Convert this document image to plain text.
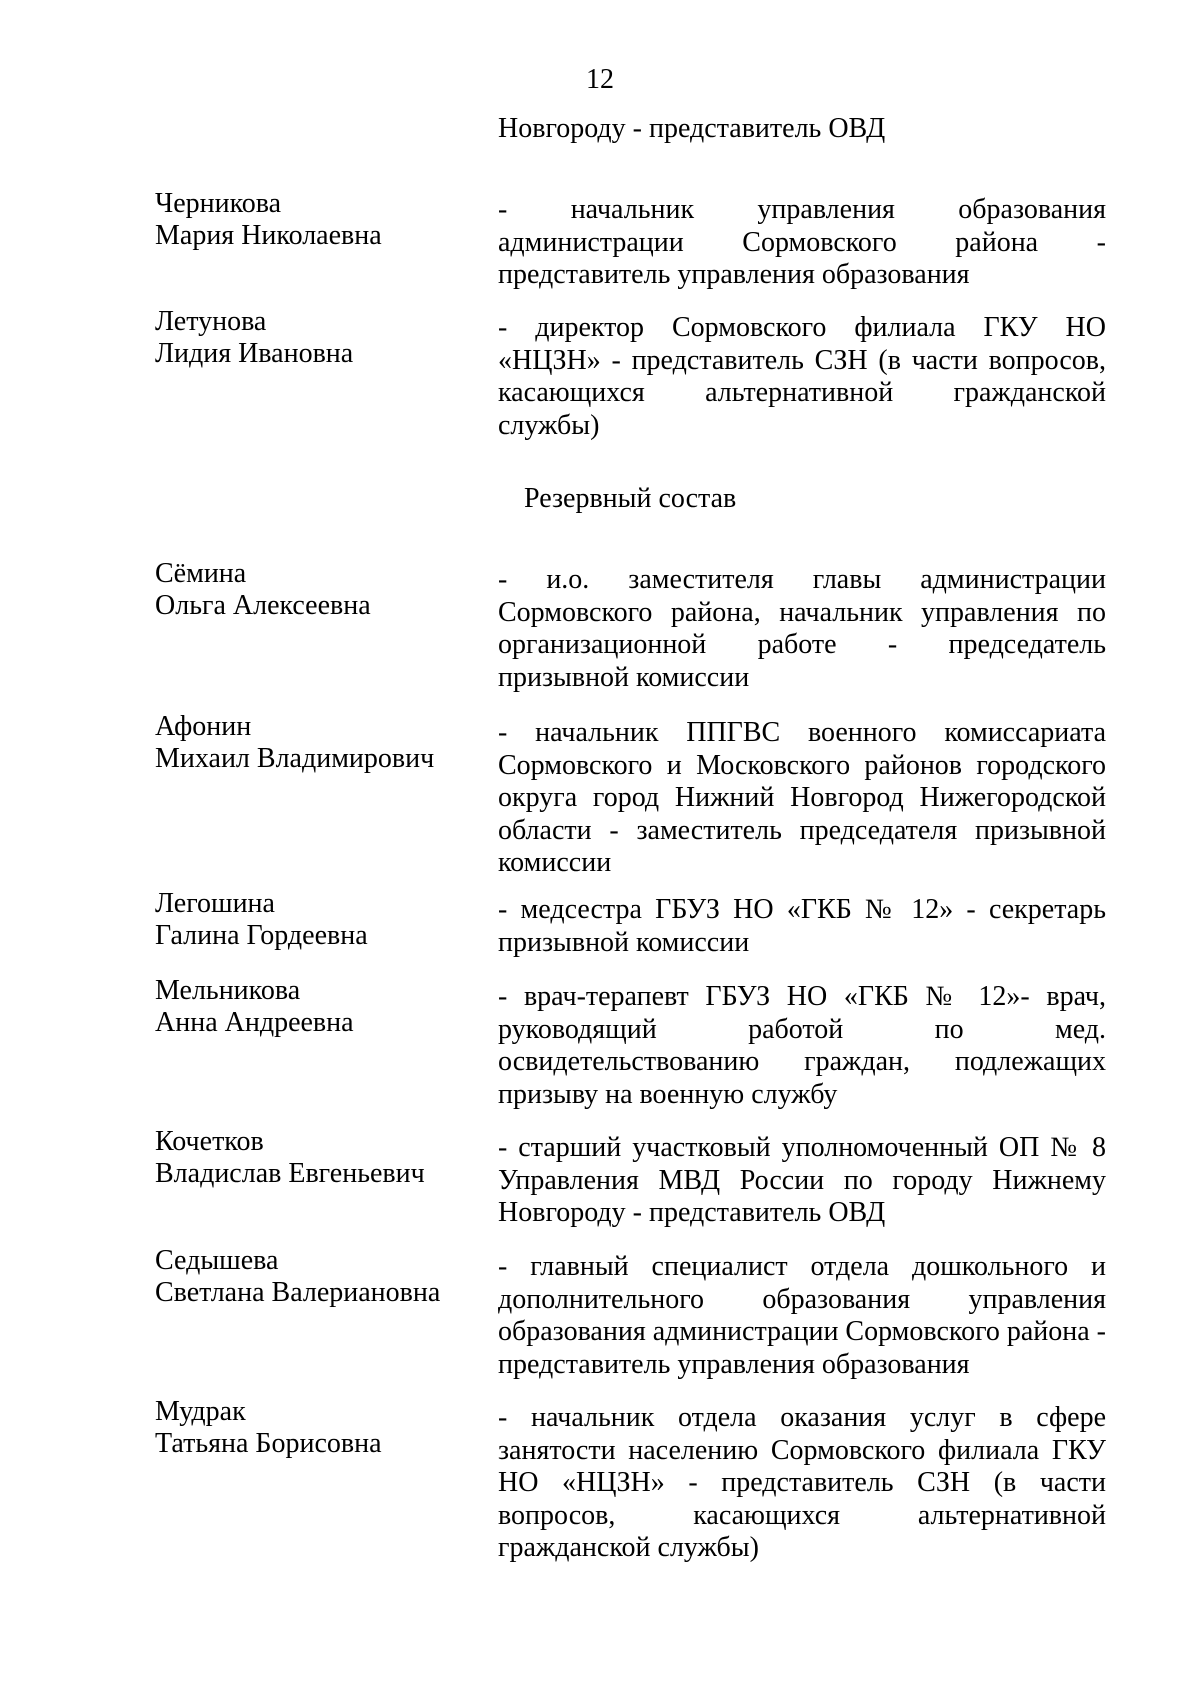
12
Новгороду - представитель ОВД
Черникова
Мария Николаевна
- начальник управления образования администрации Сормовского района - представитель управления образования
Летунова
Лидия Ивановна
- директор Сормовского филиала ГКУ НО «НЦЗН» - представитель СЗН (в части вопросов, касающихся альтернативной гражданской службы)
Резервный состав
Сёмина
Ольга Алексеевна
- и.о. заместителя главы администрации Сормовского района, начальник управления по организационной работе - председатель призывной комиссии
Афонин
Михаил Владимирович
- начальник ППГВС военного комиссариата Сормовского и Московского районов городского округа город Нижний Новгород Нижегородской области - заместитель председателя призывной комиссии
Легошина
Галина Гордеевна
- медсестра ГБУЗ НО «ГКБ № 12» - секретарь призывной комиссии
Мельникова
Анна Андреевна
- врач-терапевт ГБУЗ НО «ГКБ № 12»- врач, руководящий работой по мед. освидетельствованию граждан, подлежащих призыву на военную службу
Кочетков
Владислав Евгеньевич
- старший участковый уполномоченный ОП № 8 Управления МВД России по городу Нижнему Новгороду - представитель ОВД
Седышева
Светлана Валериановна
- главный специалист отдела дошкольного и дополнительного образования управления образования администрации Сормовского района - представитель управления образования
Мудрак
Татьяна Борисовна
- начальник отдела оказания услуг в сфере занятости населению Сормовского филиала ГКУ НО «НЦЗН» - представитель СЗН (в части вопросов, касающихся альтернативной гражданской службы)
